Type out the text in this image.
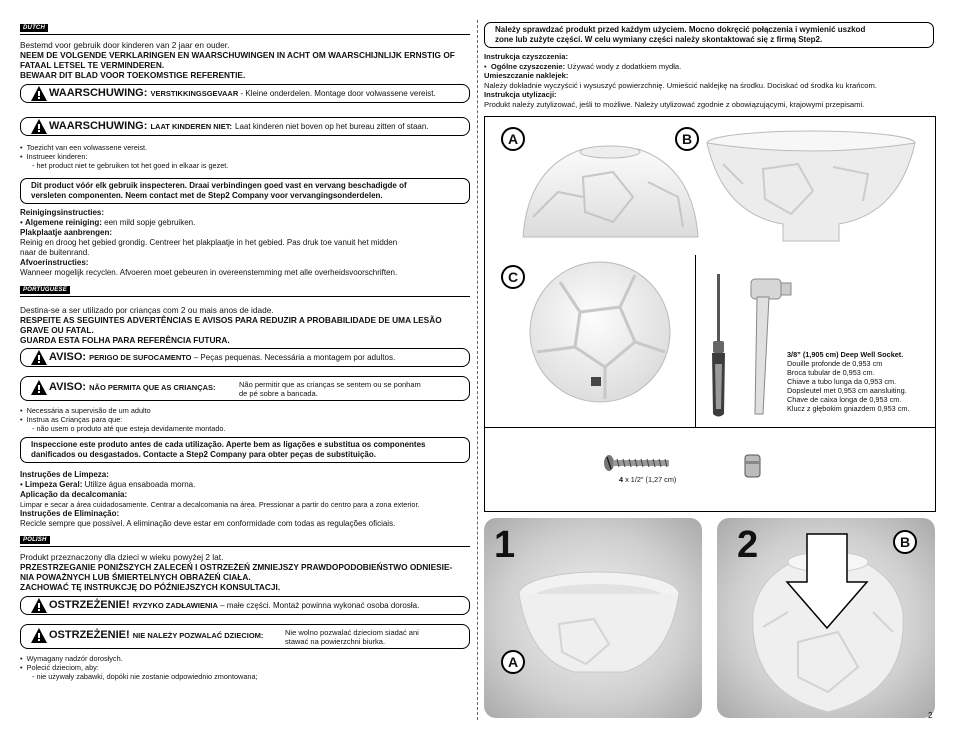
DUTCH
Bestemd voor gebruik door kinderen van 2 jaar en ouder.
NEEM DE VOLGENDE VERKLARINGEN EN WAARSCHUWINGEN IN ACHT OM WAARSCHIJNLIJK ERNSTIG OF
FATAAL LETSEL TE VERMINDEREN.
BEWAAR DIT BLAD VOOR TOEKOMSTIGE REFERENTIE.
WAARSCHUWING: VERSTIKKINGSGEVAAR - Kleine onderdelen. Montage door volwassene vereist.
WAARSCHUWING: LAAT KINDEREN NIET: Laat kinderen niet boven op het bureau zitten of staan.
•  Toezicht van een volwassene vereist.
•  Instrueer kinderen:
- het product niet te gebruiken tot het goed in elkaar is gezet.
Dit product vóór elk gebruik inspecteren. Draai verbindingen goed vast en vervang beschadigde of
versleten componenten. Neem contact met de Step2 Company voor vervangingsonderdelen.
Reinigingsinstructies:
• Algemene reiniging: een mild sopje gebruiken.
Plakplaatje aanbrengen:
Reinig en droog het gebied grondig. Centreer het plakplaatje in het gebied. Pas druk toe vanuit het midden
naar de buitenrand.
Afvoerinstructies:
Wanneer mogelijk recyclen. Afvoeren moet gebeuren in overeenstemming met alle overheidsvoorschriften.
PORTUGUESE
Destina-se a ser utilizado por crianças com 2 ou mais anos de idade.
RESPEITE AS SEGUINTES ADVERTÊNCIAS E AVISOS PARA REDUZIR A PROBABILIDADE DE UMA LESÃO
GRAVE OU FATAL.
GUARDA ESTA FOLHA PARA REFERÊNCIA FUTURA.
AVISO: PERIGO DE SUFOCAMENTO – Peças pequenas. Necessária a montagem por adultos.
AVISO: NÃO PERMITA QUE AS CRIANÇAS:	Não permitir que as crianças se sentem ou se ponham
de pé sobre a bancada.
•  Necessária a supervisão de um adulto
•  Instrua as Crianças para que:
- não usem o produto até que esteja devidamente montado.
Inspeccione este produto antes de cada utilização. Aperte bem as ligações e substitua os componentes
danificados ou desgastados. Contacte a Step2 Company para obter peças de substituição.
Instruções de Limpeza:
• Limpeza Geral: Utilize água ensaboada morna.
Aplicação da decalcomania:
Limpar e secar a área cuidadosamente. Centrar a decalcomania na área. Pressionar a partir do centro para a zona exterior.
Instruções de Eliminação:
Recicle sempre que possível. A eliminação deve estar em conformidade com todas as regulações oficiais.
POLISH
Produkt przeznaczony dla dzieci w wieku powyżej 2 lat.
PRZESTRZEGANIE PONIŻSZYCH ZALECEŃ I OSTRZEŻEŃ ZMNIEJSZY PRAWDOPODOBIEŃSTWO ODNIESIE-
NIA POWAŻNYCH LUB ŚMIERTELNYCH OBRAŻEŃ CIAŁA.
ZACHOWAĆ TĘ INSTRUKCJĘ DO PÓŹNIEJSZYCH KONSULTACJI.
OSTRZEŻENIE! RYZYKO ZADŁAWIENIA – małe części. Montaż powinna wykonać osoba dorosła.
OSTRZEŻENIE! NIE NALEŻY POZWALAĆ DZIECIOM:	Nie wolno pozwalać dzieciom siadać ani
stawać na powierzchni biurka.
•  Wymagany nadzór dorosłych.
•  Polecić dzieciom, aby:
- nie używały zabawki, dopóki nie zostanie odpowiednio zmontowana;
Należy sprawdzać produkt przed każdym użyciem. Mocno dokręcić połączenia i wymienić uszkod
zone lub zużyte części. W celu wymiany części należy skontaktować się z firmą Step2.
Instrukcja czyszczenia:
•  Ogólne czyszczenie: Używać wody z dodatkiem mydła.
Umieszczanie naklejek:
Należy dokładnie wyczyścić i wysuszyć powierzchnię. Umieścić naklejkę na środku. Dociskać od środka ku krańcom.
Instrukcja utylizacji:
Produkt należy zutylizować, jeśli to możliwe. Należy utylizować zgodnie z obowiązującymi, krajowymi przepisami.
A	B
C
3/8” (1,905 cm) Deep Well Socket.
Douille profonde de 0,953 cm
Broca tubular de 0,953 cm.
Chiave a tubo lunga da 0,953 cm.
Dopsleutel met 0,953 cm aansluiting.
Chave de caixa longa de 0,953 cm.
Klucz z głębokim gniazdem 0,953 cm.
4 x 1/2" (1,27 cm)
1
A
2	B
2
